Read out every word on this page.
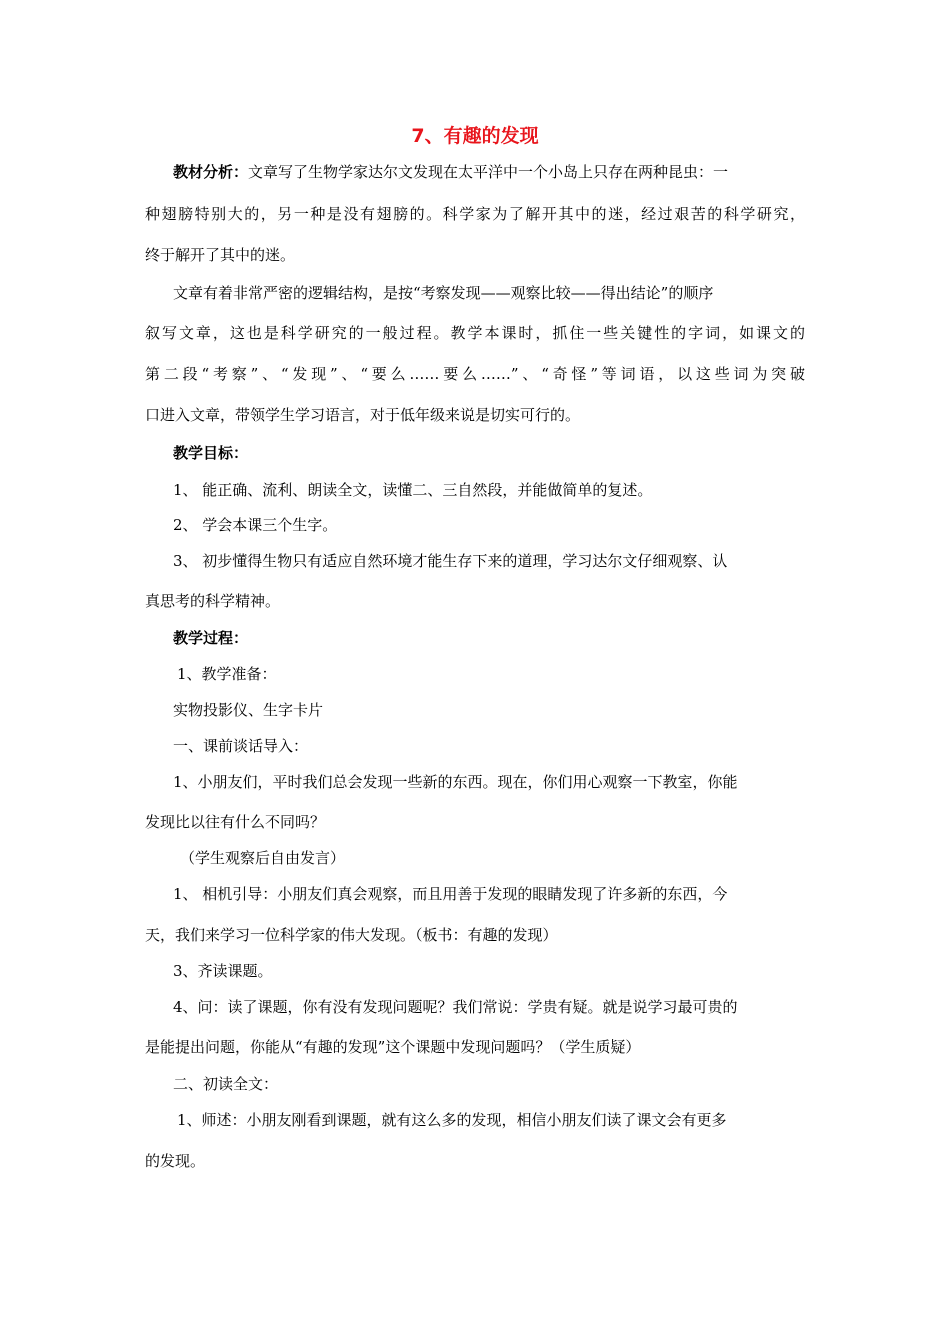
7、有趣的发现
教材分析：文章写了生物学家达尔文发现在太平洋中一个小岛上只存在两种昆虫：一
种翅膀特别大的，另一种是没有翅膀的。科学家为了解开其中的迷，经过艰苦的科学研究，
终于解开了其中的迷。
文章有着非常严密的逻辑结构，是按“考察发现——观察比较——得出结论”的顺序
叙写文章，这也是科学研究的一般过程。教学本课时，抓住一些关键性的字词，如课文的
第二段“考察”、“发现”、“要么……要么……”、“奇怪”等词语，以这些词为突破
口进入文章，带领学生学习语言，对于低年级来说是切实可行的。
教学目标：
1、 能正确、流利、朗读全文，读懂二、三自然段，并能做简单的复述。
2、 学会本课三个生字。
3、 初步懂得生物只有适应自然环境才能生存下来的道理，学习达尔文仔细观察、认
真思考的科学精神。
教学过程：
1、教学准备：
实物投影仪、生字卡片
一、课前谈话导入：
1、小朋友们，平时我们总会发现一些新的东西。现在，你们用心观察一下教室，你能
发现比以往有什么不同吗？
（学生观察后自由发言）
1、 相机引导：小朋友们真会观察，而且用善于发现的眼睛发现了许多新的东西，今
天，我们来学习一位科学家的伟大发现。（板书：有趣的发现）
3、齐读课题。
4、问：读了课题，你有没有发现问题呢？我们常说：学贵有疑。就是说学习最可贵的
是能提出问题，你能从“有趣的发现”这个课题中发现问题吗？（学生质疑）
二、初读全文：
1、师述：小朋友刚看到课题，就有这么多的发现，相信小朋友们读了课文会有更多
的发现。
